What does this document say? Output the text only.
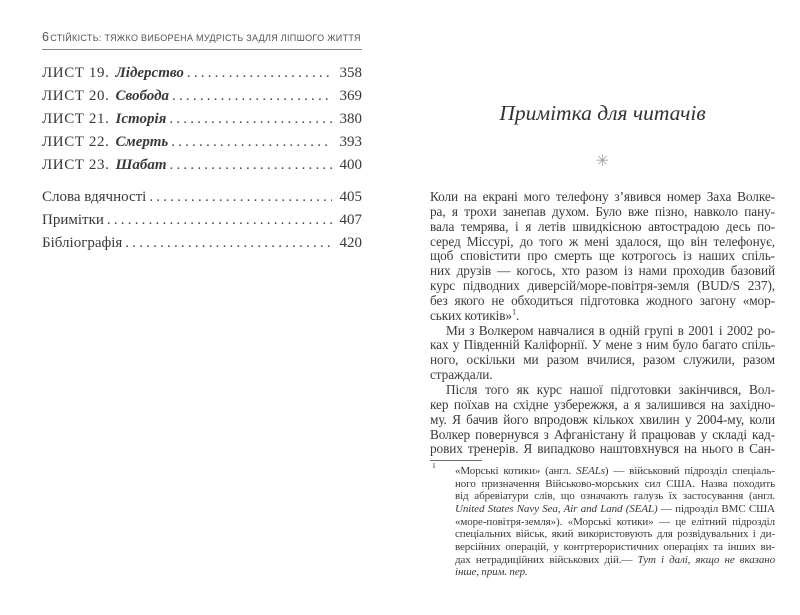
6 СТІЙКІСТЬ: ТЯЖКО ВИБОРЕНА МУДРІСТЬ ЗАДЛЯ ЛІПШОГО ЖИТТЯ
ЛИСТ 19. Лідерство .....	358
ЛИСТ 20. Свобода .....	369
ЛИСТ 21. Історія .....	380
ЛИСТ 22. Смерть .....	393
ЛИСТ 23. Шабат .....	400
Слова вдячності .....	405
Примітки .....	407
Бібліографія .....	420
Примітка для читачів
✳
Коли на екрані мого телефону з’явився номер Заха Волке-
ра, я трохи занепав духом. Було вже пізно, навколо пану-
вала темрява, і я летів швидкісною автострадою десь по-
серед Міссурі, до того ж мені здалося, що він телефонує,
щоб сповістити про смерть ще котрогось із наших спіль-
них друзів — когось, хто разом із нами проходив базовий
курс підводних диверсій/море-повітря-земля (BUD/S 237),
без якого не обходиться підготовка жодного загону «мор-
ських котиків»$^1$.
Ми з Волкером навчалися в одній групі в 2001 і 2002 ро-
ках у Південній Каліфорнії. У мене з ним було багато спіль-
ного, оскільки ми разом вчилися, разом служили, разом
страждали.
Після того як курс нашої підготовки закінчився, Вол-
кер поїхав на східне узбережжя, а я залишився на західно-
му. Я бачив його впродовж кількох хвилин у 2004-му, коли
Волкер повернувся з Афганістану й працював у складі кад-
рових тренерів. Я випадково наштовхнувся на нього в Сан-
1 «Морські котики» (англ. SEALs) — військовий підрозділ спеціаль-
ного призначення Військово-морських сил США. Назва походить
від абревіатури слів, що означають галузь їх застосування (англ.
United States Navy Sea, Air and Land (SEAL) — підрозділ ВМС США
«море-повітря-земля»). «Морські котики» — це елітний підрозділ
спеціальних військ, який використовують для розвідувальних і ди-
версійних операцій, у контртерористичних операціях та інших ви-
дах нетрадиційних військових дій.— Тут і далі, якщо не вказано
інше, прим. пер.
